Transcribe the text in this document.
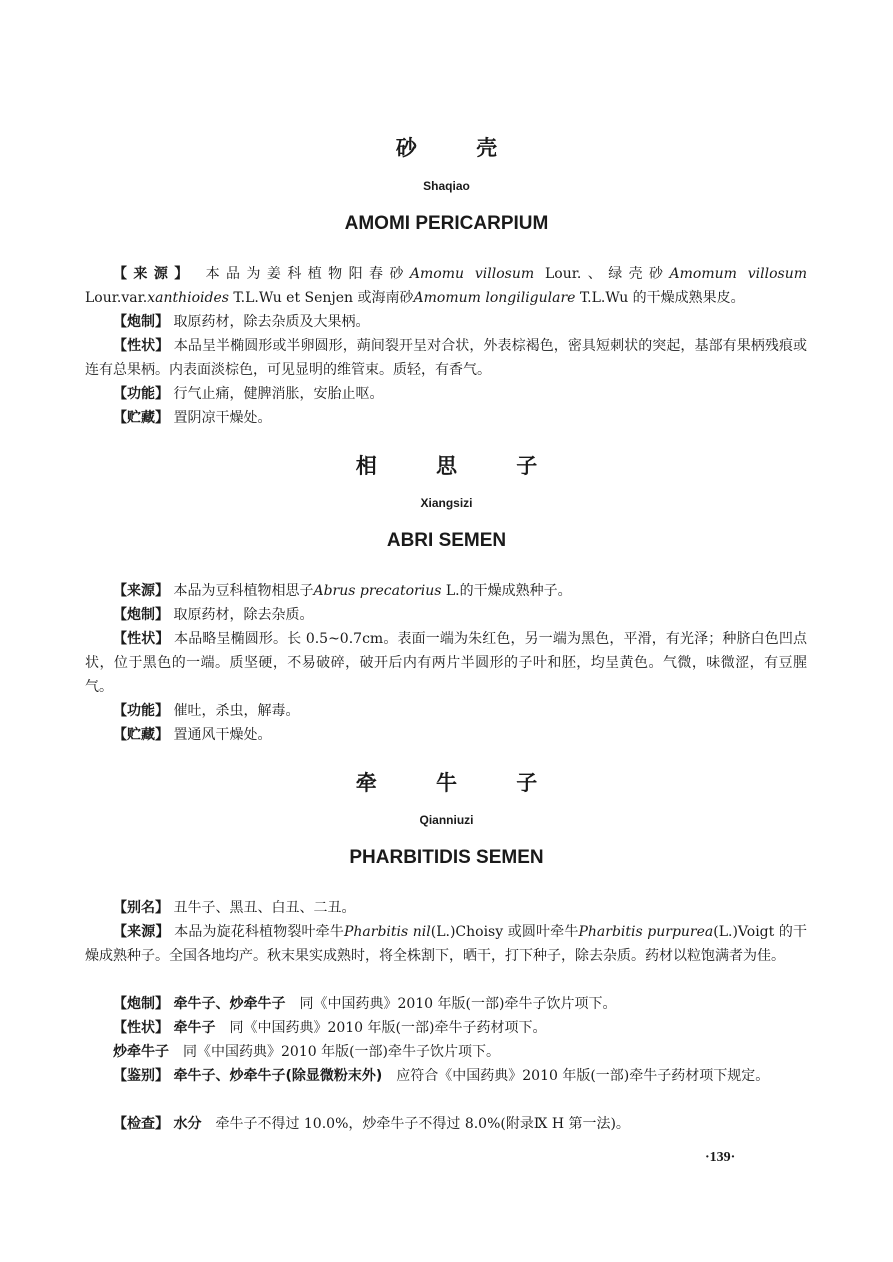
砂 壳
Shaqiao
AMOMI PERICARPIUM
【来源】 本品为姜科植物阳春砂Amomu villosum Lour.、绿壳砂Amomum villosum Lour.var.xanthioides T.L.Wu et Senjen 或海南砂Amomum longiligulare T.L.Wu 的干燥成熟果皮。
【炮制】 取原药材，除去杂质及大果柄。
【性状】 本品呈半椭圆形或半卵圆形，蒴间裂开呈对合状，外表棕褐色，密具短刺状的突起，基部有果柄残痕或连有总果柄。内表面淡棕色，可见显明的维管束。质轻，有香气。
【功能】 行气止痛，健脾消胀，安胎止呕。
【贮藏】 置阴凉干燥处。
相 思 子
Xiangsizi
ABRI SEMEN
【来源】 本品为豆科植物相思子Abrus precatorius L.的干燥成熟种子。
【炮制】 取原药材，除去杂质。
【性状】 本品略呈椭圆形。长 0.5~0.7cm。表面一端为朱红色，另一端为黑色，平滑，有光泽；种脐白色凹点状，位于黑色的一端。质坚硬，不易破碎，破开后内有两片半圆形的子叶和胚，均呈黄色。气微，味微涩，有豆腥气。
【功能】 催吐，杀虫，解毒。
【贮藏】 置通风干燥处。
牵 牛 子
Qianniuzi
PHARBITIDIS SEMEN
【别名】 丑牛子、黑丑、白丑、二丑。
【来源】 本品为旋花科植物裂叶牵牛Pharbitis nil(L.)Choisy 或圆叶牵牛Pharbitis purpurea(L.)Voigt 的干燥成熟种子。全国各地均产。秋末果实成熟时，将全株割下，晒干，打下种子，除去杂质。药材以粒饱满者为佳。
【炮制】 牵牛子、炒牵牛子　 同《中国药典》2010 年版(一部)牵牛子饮片项下。
【性状】 牵牛子　 同《中国药典》2010 年版(一部)牵牛子药材项下。
炒牵牛子　 同《中国药典》2010 年版(一部)牵牛子饮片项下。
【鉴别】 牵牛子、炒牵牛子(除显微粉末外)　 应符合《中国药典》2010 年版(一部)牵牛子药材项下规定。
【检查】 水分　 牵牛子不得过 10.0%，炒牵牛子不得过 8.0%(附录Ⅸ H 第一法)。
·139·
